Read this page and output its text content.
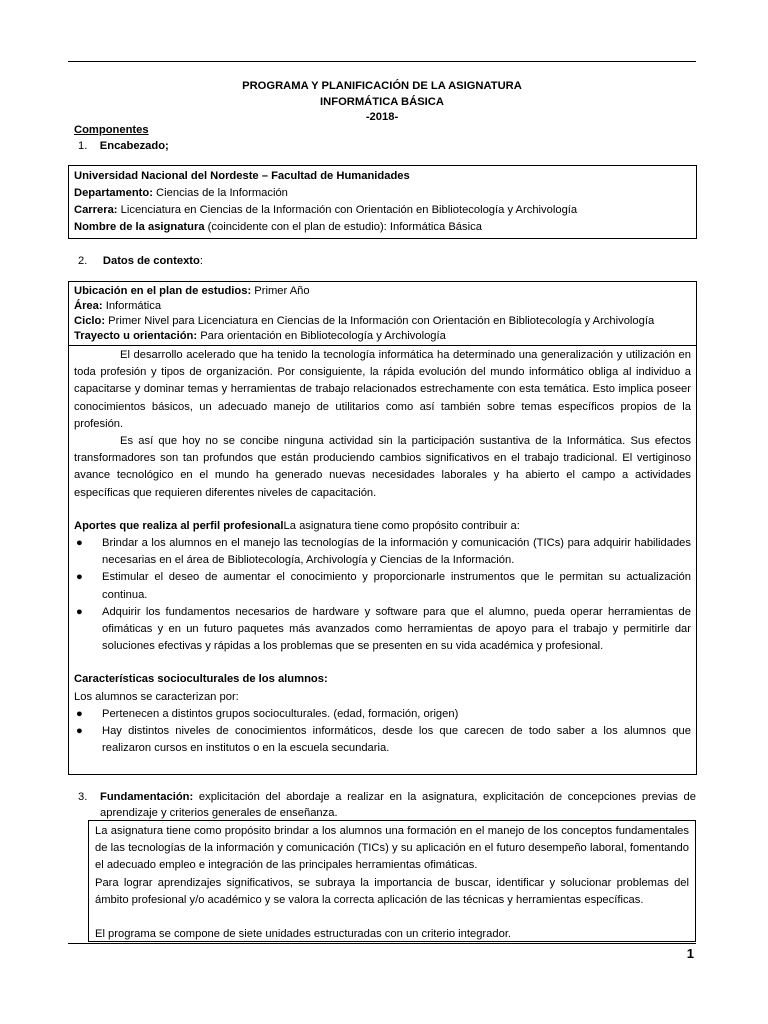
PROGRAMA Y PLANIFICACIÓN DE LA ASIGNATURA
INFORMÁTICA BÁSICA
-2018-
Componentes
1. Encabezado;
Universidad Nacional del Nordeste – Facultad de Humanidades
Departamento: Ciencias de la Información
Carrera: Licenciatura en Ciencias de la Información con Orientación en Bibliotecología y Archivología
Nombre de la asignatura (coincidente con el plan de estudio): Informática Básica
2. Datos de contexto:
Ubicación en el plan de estudios: Primer Año
Área: Informática
Ciclo: Primer Nivel para Licenciatura en Ciencias de la Información con Orientación en Bibliotecología y Archivología
Trayecto u orientación: Para orientación en Bibliotecología y Archivología
El desarrollo acelerado que ha tenido la tecnología informática ha determinado una generalización y utilización en toda profesión y tipos de organización. Por consiguiente, la rápida evolución del mundo informático obliga al individuo a capacitarse y dominar temas y herramientas de trabajo relacionados estrechamente con esta temática. Esto implica poseer conocimientos básicos, un adecuado manejo de utilitarios como así también sobre temas específicos propios de la profesión.
Es así que hoy no se concibe ninguna actividad sin la participación sustantiva de la Informática. Sus efectos transformadores son tan profundos que están produciendo cambios significativos en el trabajo tradicional. El vertiginoso avance tecnológico en el mundo ha generado nuevas necesidades laborales y ha abierto el campo a actividades específicas que requieren diferentes niveles de capacitación.
Aportes que realiza al perfil profesionalLa asignatura tiene como propósito contribuir a:
● Brindar a los alumnos en el manejo las tecnologías de la información y comunicación (TICs) para adquirir habilidades necesarias en el área de Bibliotecología, Archivología y Ciencias de la Información.
● Estimular el deseo de aumentar el conocimiento y proporcionarle instrumentos que le permitan su actualización continua.
● Adquirir los fundamentos necesarios de hardware y software para que el alumno, pueda operar herramientas de ofimáticas y en un futuro paquetes más avanzados como herramientas de apoyo para el trabajo y permitirle dar soluciones efectivas y rápidas a los problemas que se presenten en su vida académica y profesional.
Características socioculturales de los alumnos:
Los alumnos se caracterizan por:
● Pertenecen a distintos grupos socioculturales. (edad, formación, origen)
● Hay distintos niveles de conocimientos informáticos, desde los que carecen de todo saber a los alumnos que realizaron cursos en institutos o en la escuela secundaria.
3. Fundamentación: explicitación del abordaje a realizar en la asignatura, explicitación de concepciones previas de aprendizaje y criterios generales de enseñanza.
La asignatura tiene como propósito brindar a los alumnos una formación en el manejo de los conceptos fundamentales de las tecnologías de la información y comunicación (TICs) y su aplicación en el futuro desempeño laboral, fomentando el adecuado empleo e integración de las principales herramientas ofimáticas.
Para lograr aprendizajes significativos, se subraya la importancia de buscar, identificar y solucionar problemas del ámbito profesional y/o académico y se valora la correcta aplicación de las técnicas y herramientas específicas.
El programa se compone de siete unidades estructuradas con un criterio integrador.
1
